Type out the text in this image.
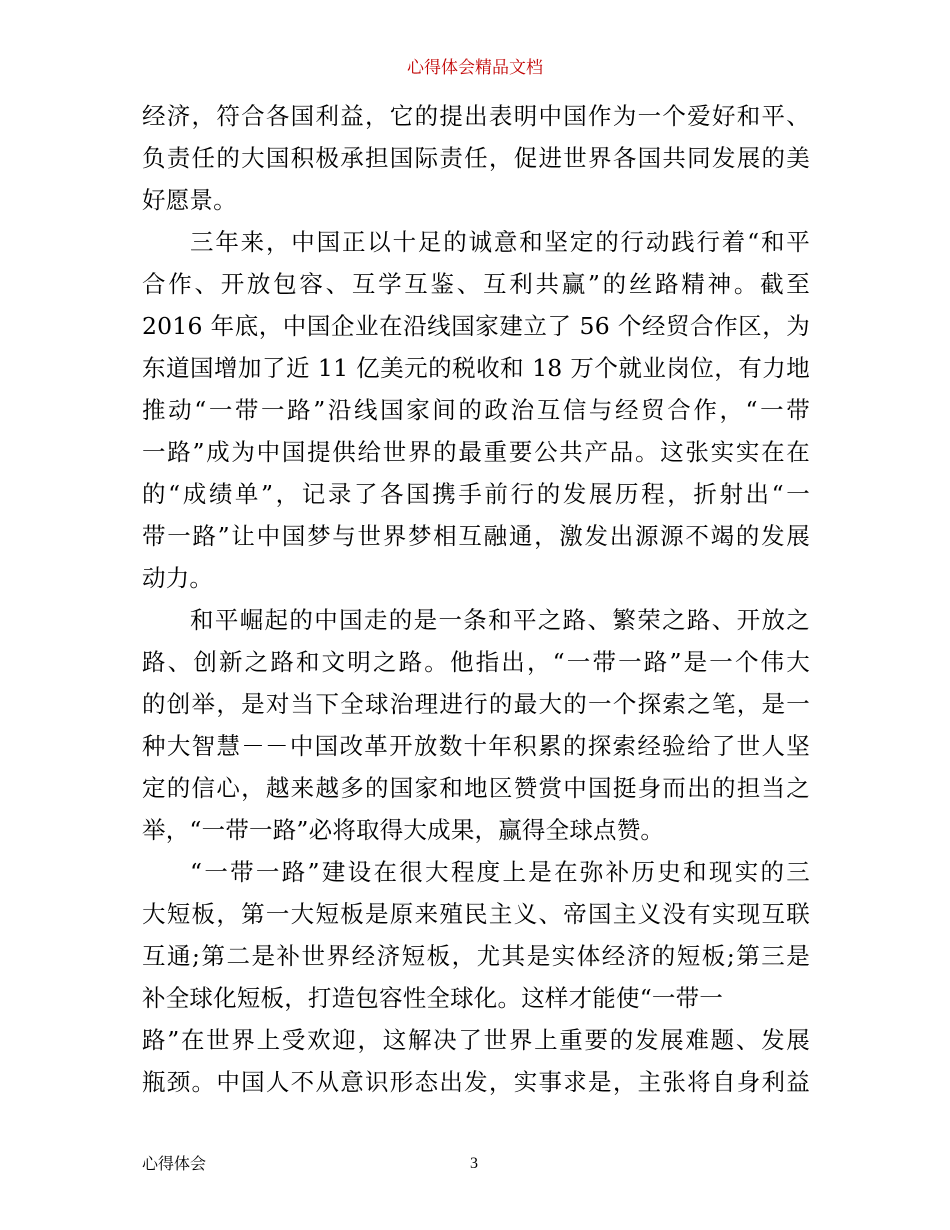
心得体会精品文档
经济，符合各国利益，它的提出表明中国作为一个爱好和平、
负责任的大国积极承担国际责任，促进世界各国共同发展的美
好愿景。
三年来，中国正以十足的诚意和坚定的行动践行着“和平
合作、开放包容、互学互鉴、互利共赢”的丝路精神。截至
2016 年底，中国企业在沿线国家建立了 56 个经贸合作区，为
东道国增加了近 11 亿美元的税收和 18 万个就业岗位，有力地
推动“一带一路”沿线国家间的政治互信与经贸合作，“一带
一路”成为中国提供给世界的最重要公共产品。这张实实在在
的“成绩单”，记录了各国携手前行的发展历程，折射出“一
带一路”让中国梦与世界梦相互融通，激发出源源不竭的发展
动力。
和平崛起的中国走的是一条和平之路、繁荣之路、开放之
路、创新之路和文明之路。他指出，“一带一路”是一个伟大
的创举，是对当下全球治理进行的最大的一个探索之笔，是一
种大智慧－－中国改革开放数十年积累的探索经验给了世人坚
定的信心，越来越多的国家和地区赞赏中国挺身而出的担当之
举，“一带一路”必将取得大成果，赢得全球点赞。
“一带一路”建设在很大程度上是在弥补历史和现实的三
大短板，第一大短板是原来殖民主义、帝国主义没有实现互联
互通;第二是补世界经济短板，尤其是实体经济的短板;第三是
补全球化短板，打造包容性全球化。这样才能使“一带一
路”在世界上受欢迎，这解决了世界上重要的发展难题、发展
瓶颈。中国人不从意识形态出发，实事求是，主张将自身利益
心得体会	3
